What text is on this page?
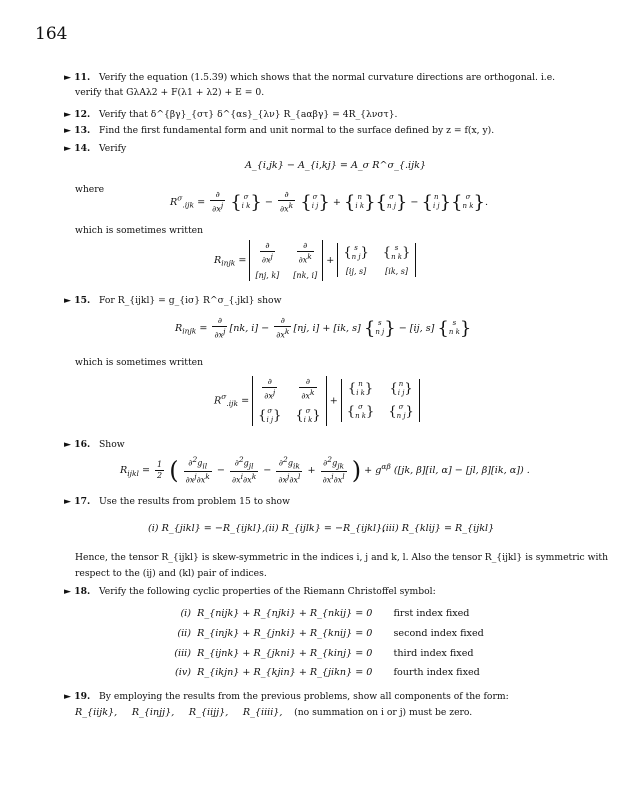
164
► 11. Verify the equation (1.5.39) which shows that the normal curvature directions are orthogonal. i.e.
verify that GλAλ2 + F(λ1 + λ2) + E = 0.
► 12. Verify that δ^{βγ}_{στ} δ^{αs}_{λν} R_{aαβγ} = 4R_{λνστ}.
► 13. Find the first fundamental form and unit normal to the surface defined by z = f(x, y).
► 14. Verify
A_{i,jk} − A_{i,kj} = A_σ R^σ_{.ijk}
where
$R^\sigma_{.ijk} = \frac{\partial}{\partial x^j}$ { σ
i $k\} - \frac{\partial}{\partial x^k} \{\sigma$
i j} + { n
i k}{ σ
n j} − {n
i j}{ σ
n k}.
which is sometimes written
$R_{injk} = \frac{\partial}{\partial x^j}$	$\frac{\partial}{\partial x^k}$
[nj, k] [nk, i]
+ { s
n j} { s
n k}
[ij, s] [ik, s]
► 15. For R_{ijkl} = g_{iσ} R^σ_{.jkl} show
$R_{injk} = \frac{\partial}{\partial x^j} [nk$, $i] - \frac{\partial}{\partial x^k} [nj$, i] + [ik, s] { s
n j} − [ij, s] { s
n k}
which is sometimes written
$R^\sigma_{.ijk} = \frac{\partial}{\partial x^j}$	$\frac{\partial}{\partial x^k}$
{σ
i j} { σ
i k}
+
{ n
i k} {n
i j}
{ σ
n k} { σ
n j}
► 16. Show
$R_{ijkl} = \frac{1}{2}$ ( $\frac{\partial^2g_{il}}{\partial x^j\partial x^k} - \frac{\partial^2g_{jl}}{\partial x^i\partial x^k} - \frac{\partial^2g_{ik}}{\partial x^j\partial x^l} + \frac{\partial^2g_{jk}}{\partial x^i\partial x^l}$ ) + $g^{\alpha\beta}$ ([jk, β][il, α] − [jl, β][ik, α]) .
► 17. Use the results from problem 15 to show
(i) R_{jikl} = −R_{ijkl}, (ii) R_{ijlk} = −R_{ijkl},
(iii) R_{klij} = R_{ijkl}
Hence, the tensor R_{ijkl} is skew-symmetric in the indices i, j and k, l. Also the tensor R_{ijkl} is symmetric with
respect to the (ij) and (kl) pair of indices.
► 18. Verify the following cyclic properties of the Riemann Christoffel symbol:
(i) R_{nijk} + R_{njki} + R_{nkij} = 0 first index fixed
(ii) R_{injk} + R_{jnki} + R_{knij} = 0 second index fixed
(iii) R_{ijnk} + R_{jkni} + R_{kinj} = 0 third index fixed
(iv) R_{ikjn} + R_{kjin} + R_{jikn} = 0 fourth index fixed
► 19. By employing the results from the previous problems, show all components of the form:
R_{iijk}, R_{injj}, R_{iijj}, R_{iiii}, (no summation on i or j) must be zero.
